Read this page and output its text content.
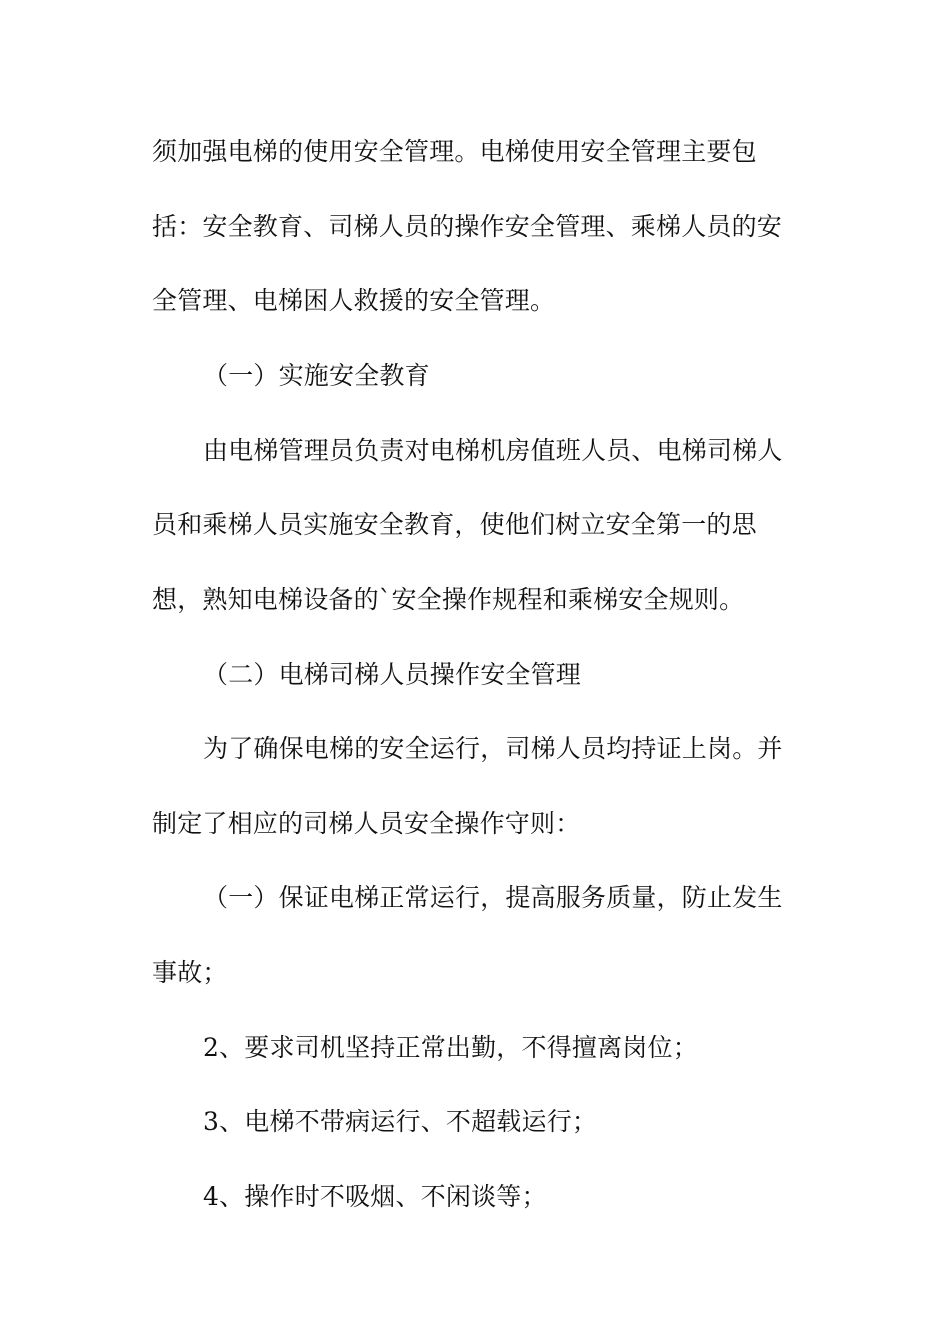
须加强电梯的使用安全管理。电梯使用安全管理主要包
括：安全教育、司梯人员的操作安全管理、乘梯人员的安
全管理、电梯困人救援的安全管理。
（一）实施安全教育
由电梯管理员负责对电梯机房值班人员、电梯司梯人
员和乘梯人员实施安全教育，使他们树立安全第一的思
想，熟知电梯设备的`安全操作规程和乘梯安全规则。
（二）电梯司梯人员操作安全管理
为了确保电梯的安全运行，司梯人员均持证上岗。并
制定了相应的司梯人员安全操作守则：
（一）保证电梯正常运行，提高服务质量，防止发生
事故；
2、要求司机坚持正常出勤，不得擅离岗位；
3、电梯不带病运行、不超载运行；
4、操作时不吸烟、不闲谈等；
